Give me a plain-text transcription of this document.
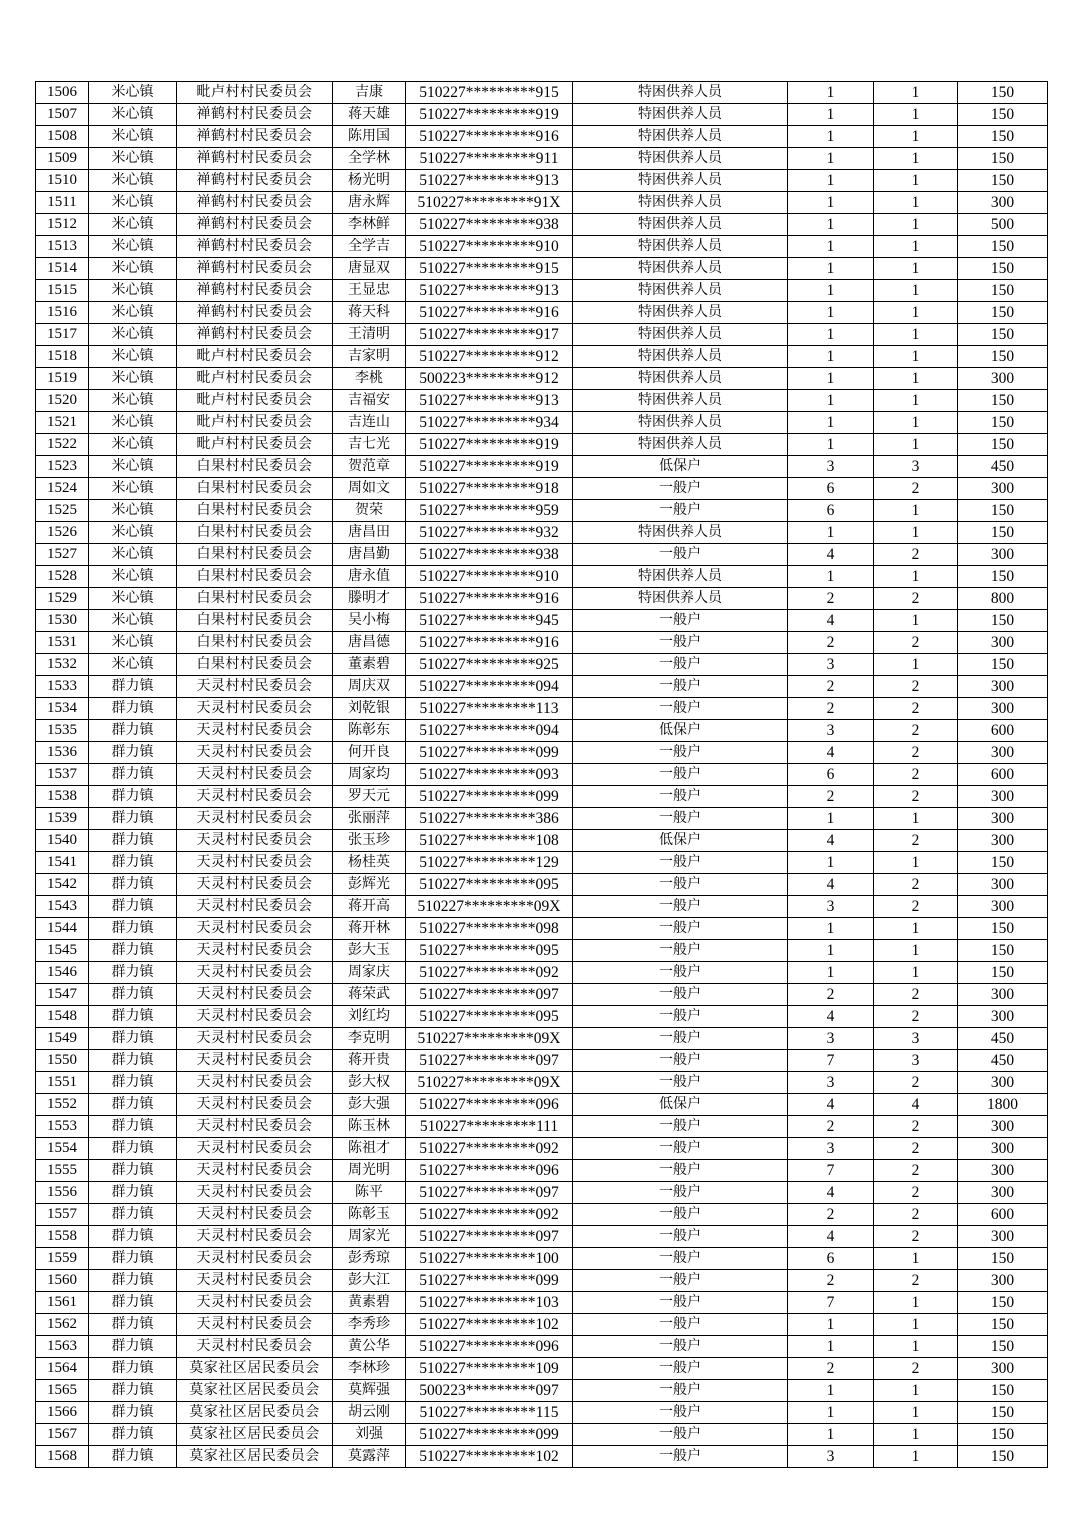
1506	米心镇	毗卢村村民委员会	吉康	510227*********915	特困供养人员	1	1	150
1507	米心镇	禅鹤村村民委员会	蒋天雄	510227*********919	特困供养人员	1	1	150
1508	米心镇	禅鹤村村民委员会	陈用国	510227*********916	特困供养人员	1	1	150
1509	米心镇	禅鹤村村民委员会	全学林	510227*********911	特困供养人员	1	1	150
1510	米心镇	禅鹤村村民委员会	杨光明	510227*********913	特困供养人员	1	1	150
1511	米心镇	禅鹤村村民委员会	唐永辉	510227*********91X	特困供养人员	1	1	300
1512	米心镇	禅鹤村村民委员会	李林鲜	510227*********938	特困供养人员	1	1	500
1513	米心镇	禅鹤村村民委员会	全学吉	510227*********910	特困供养人员	1	1	150
1514	米心镇	禅鹤村村民委员会	唐显双	510227*********915	特困供养人员	1	1	150
1515	米心镇	禅鹤村村民委员会	王显忠	510227*********913	特困供养人员	1	1	150
1516	米心镇	禅鹤村村民委员会	蒋天科	510227*********916	特困供养人员	1	1	150
1517	米心镇	禅鹤村村民委员会	王清明	510227*********917	特困供养人员	1	1	150
1518	米心镇	毗卢村村民委员会	吉家明	510227*********912	特困供养人员	1	1	150
1519	米心镇	毗卢村村民委员会	李桃	500223*********912	特困供养人员	1	1	300
1520	米心镇	毗卢村村民委员会	吉福安	510227*********913	特困供养人员	1	1	150
1521	米心镇	毗卢村村民委员会	吉连山	510227*********934	特困供养人员	1	1	150
1522	米心镇	毗卢村村民委员会	吉七光	510227*********919	特困供养人员	1	1	150
1523	米心镇	白果村村民委员会	贺范章	510227*********919	低保户	3	3	450
1524	米心镇	白果村村民委员会	周如文	510227*********918	一般户	6	2	300
1525	米心镇	白果村村民委员会	贺荣	510227*********959	一般户	6	1	150
1526	米心镇	白果村村民委员会	唐昌田	510227*********932	特困供养人员	1	1	150
1527	米心镇	白果村村民委员会	唐昌勤	510227*********938	一般户	4	2	300
1528	米心镇	白果村村民委员会	唐永值	510227*********910	特困供养人员	1	1	150
1529	米心镇	白果村村民委员会	滕明才	510227*********916	特困供养人员	2	2	800
1530	米心镇	白果村村民委员会	吴小梅	510227*********945	一般户	4	1	150
1531	米心镇	白果村村民委员会	唐昌德	510227*********916	一般户	2	2	300
1532	米心镇	白果村村民委员会	董素碧	510227*********925	一般户	3	1	150
1533	群力镇	天灵村村民委员会	周庆双	510227*********094	一般户	2	2	300
1534	群力镇	天灵村村民委员会	刘乾银	510227*********113	一般户	2	2	300
1535	群力镇	天灵村村民委员会	陈彰东	510227*********094	低保户	3	2	600
1536	群力镇	天灵村村民委员会	何开良	510227*********099	一般户	4	2	300
1537	群力镇	天灵村村民委员会	周家均	510227*********093	一般户	6	2	600
1538	群力镇	天灵村村民委员会	罗天元	510227*********099	一般户	2	2	300
1539	群力镇	天灵村村民委员会	张丽萍	510227*********386	一般户	1	1	300
1540	群力镇	天灵村村民委员会	张玉珍	510227*********108	低保户	4	2	300
1541	群力镇	天灵村村民委员会	杨桂英	510227*********129	一般户	1	1	150
1542	群力镇	天灵村村民委员会	彭辉光	510227*********095	一般户	4	2	300
1543	群力镇	天灵村村民委员会	蒋开高	510227*********09X	一般户	3	2	300
1544	群力镇	天灵村村民委员会	蒋开林	510227*********098	一般户	1	1	150
1545	群力镇	天灵村村民委员会	彭大玉	510227*********095	一般户	1	1	150
1546	群力镇	天灵村村民委员会	周家庆	510227*********092	一般户	1	1	150
1547	群力镇	天灵村村民委员会	蒋荣武	510227*********097	一般户	2	2	300
1548	群力镇	天灵村村民委员会	刘红均	510227*********095	一般户	4	2	300
1549	群力镇	天灵村村民委员会	李克明	510227*********09X	一般户	3	3	450
1550	群力镇	天灵村村民委员会	蒋开贵	510227*********097	一般户	7	3	450
1551	群力镇	天灵村村民委员会	彭大权	510227*********09X	一般户	3	2	300
1552	群力镇	天灵村村民委员会	彭大强	510227*********096	低保户	4	4	1800
1553	群力镇	天灵村村民委员会	陈玉林	510227*********111	一般户	2	2	300
1554	群力镇	天灵村村民委员会	陈祖才	510227*********092	一般户	3	2	300
1555	群力镇	天灵村村民委员会	周光明	510227*********096	一般户	7	2	300
1556	群力镇	天灵村村民委员会	陈平	510227*********097	一般户	4	2	300
1557	群力镇	天灵村村民委员会	陈彰玉	510227*********092	一般户	2	2	600
1558	群力镇	天灵村村民委员会	周家光	510227*********097	一般户	4	2	300
1559	群力镇	天灵村村民委员会	彭秀琼	510227*********100	一般户	6	1	150
1560	群力镇	天灵村村民委员会	彭大江	510227*********099	一般户	2	2	300
1561	群力镇	天灵村村民委员会	黄素碧	510227*********103	一般户	7	1	150
1562	群力镇	天灵村村民委员会	李秀珍	510227*********102	一般户	1	1	150
1563	群力镇	天灵村村民委员会	黄公华	510227*********096	一般户	1	1	150
1564	群力镇	莫家社区居民委员会	李林珍	510227*********109	一般户	2	2	300
1565	群力镇	莫家社区居民委员会	莫辉强	500223*********097	一般户	1	1	150
1566	群力镇	莫家社区居民委员会	胡云刚	510227*********115	一般户	1	1	150
1567	群力镇	莫家社区居民委员会	刘强	510227*********099	一般户	1	1	150
1568	群力镇	莫家社区居民委员会	莫露萍	510227*********102	一般户	3	1	150
